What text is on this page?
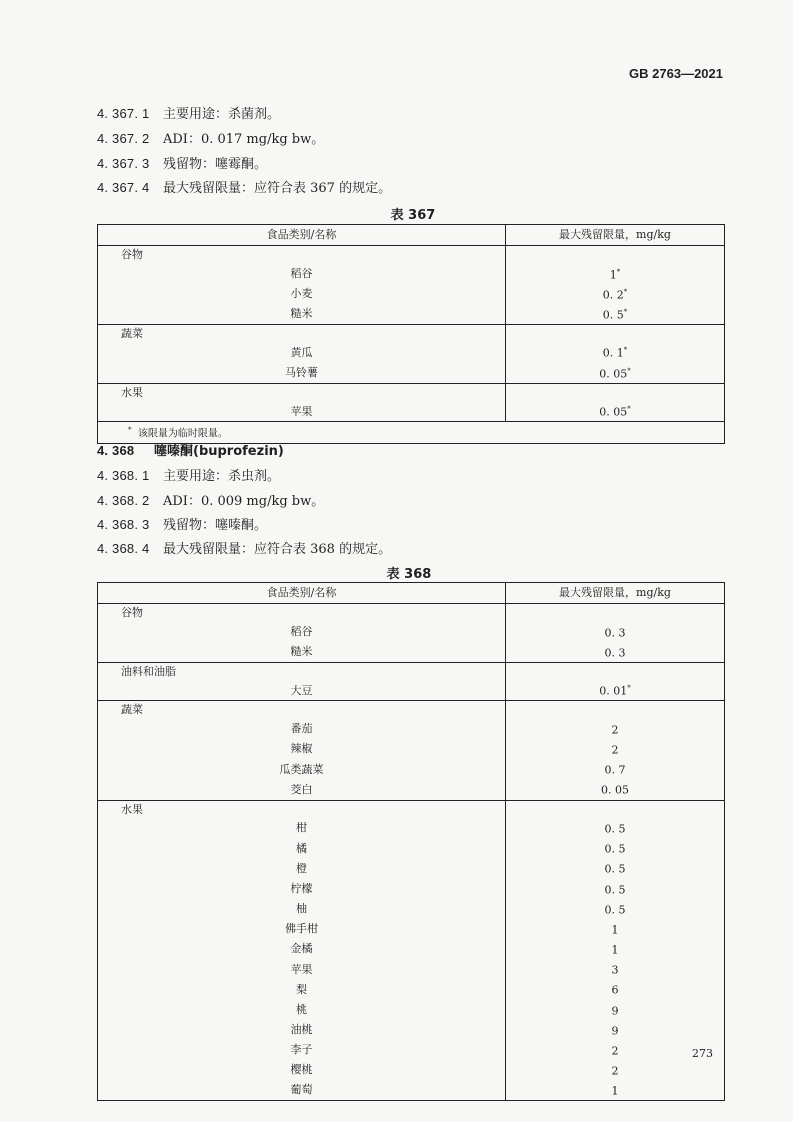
GB 2763—2021
4. 367. 1 主要用途：杀菌剂。
4. 367. 2 ADI：0. 017 mg/kg bw。
4. 367. 3 残留物：噻霉酮。
4. 367. 4 最大残留限量：应符合表 367 的规定。
表 367
食品类别/名称	最大残留限量，mg/kg
谷物	
稻谷	1*
小麦	0. 2*
糙米	0. 5*
蔬菜	
黄瓜	0. 1*
马铃薯	0. 05*
水果	
苹果	0. 05*
* 该限量为临时限量。	
4. 368 噻嗪酮(buprofezin)
4. 368. 1 主要用途：杀虫剂。
4. 368. 2 ADI：0. 009 mg/kg bw。
4. 368. 3 残留物：噻嗪酮。
4. 368. 4 最大残留限量：应符合表 368 的规定。
表 368
食品类别/名称	最大残留限量，mg/kg
谷物	
稻谷	0. 3
糙米	0. 3
油料和油脂	
大豆	0. 01*
蔬菜	
番茄	2
辣椒	2
瓜类蔬菜	0. 7
茭白	0. 05
水果	
柑	0. 5
橘	0. 5
橙	0. 5
柠檬	0. 5
柚	0. 5
佛手柑	1
金橘	1
苹果	3
梨	6
桃	9
油桃	9
李子	2
樱桃	2
葡萄	1
273
